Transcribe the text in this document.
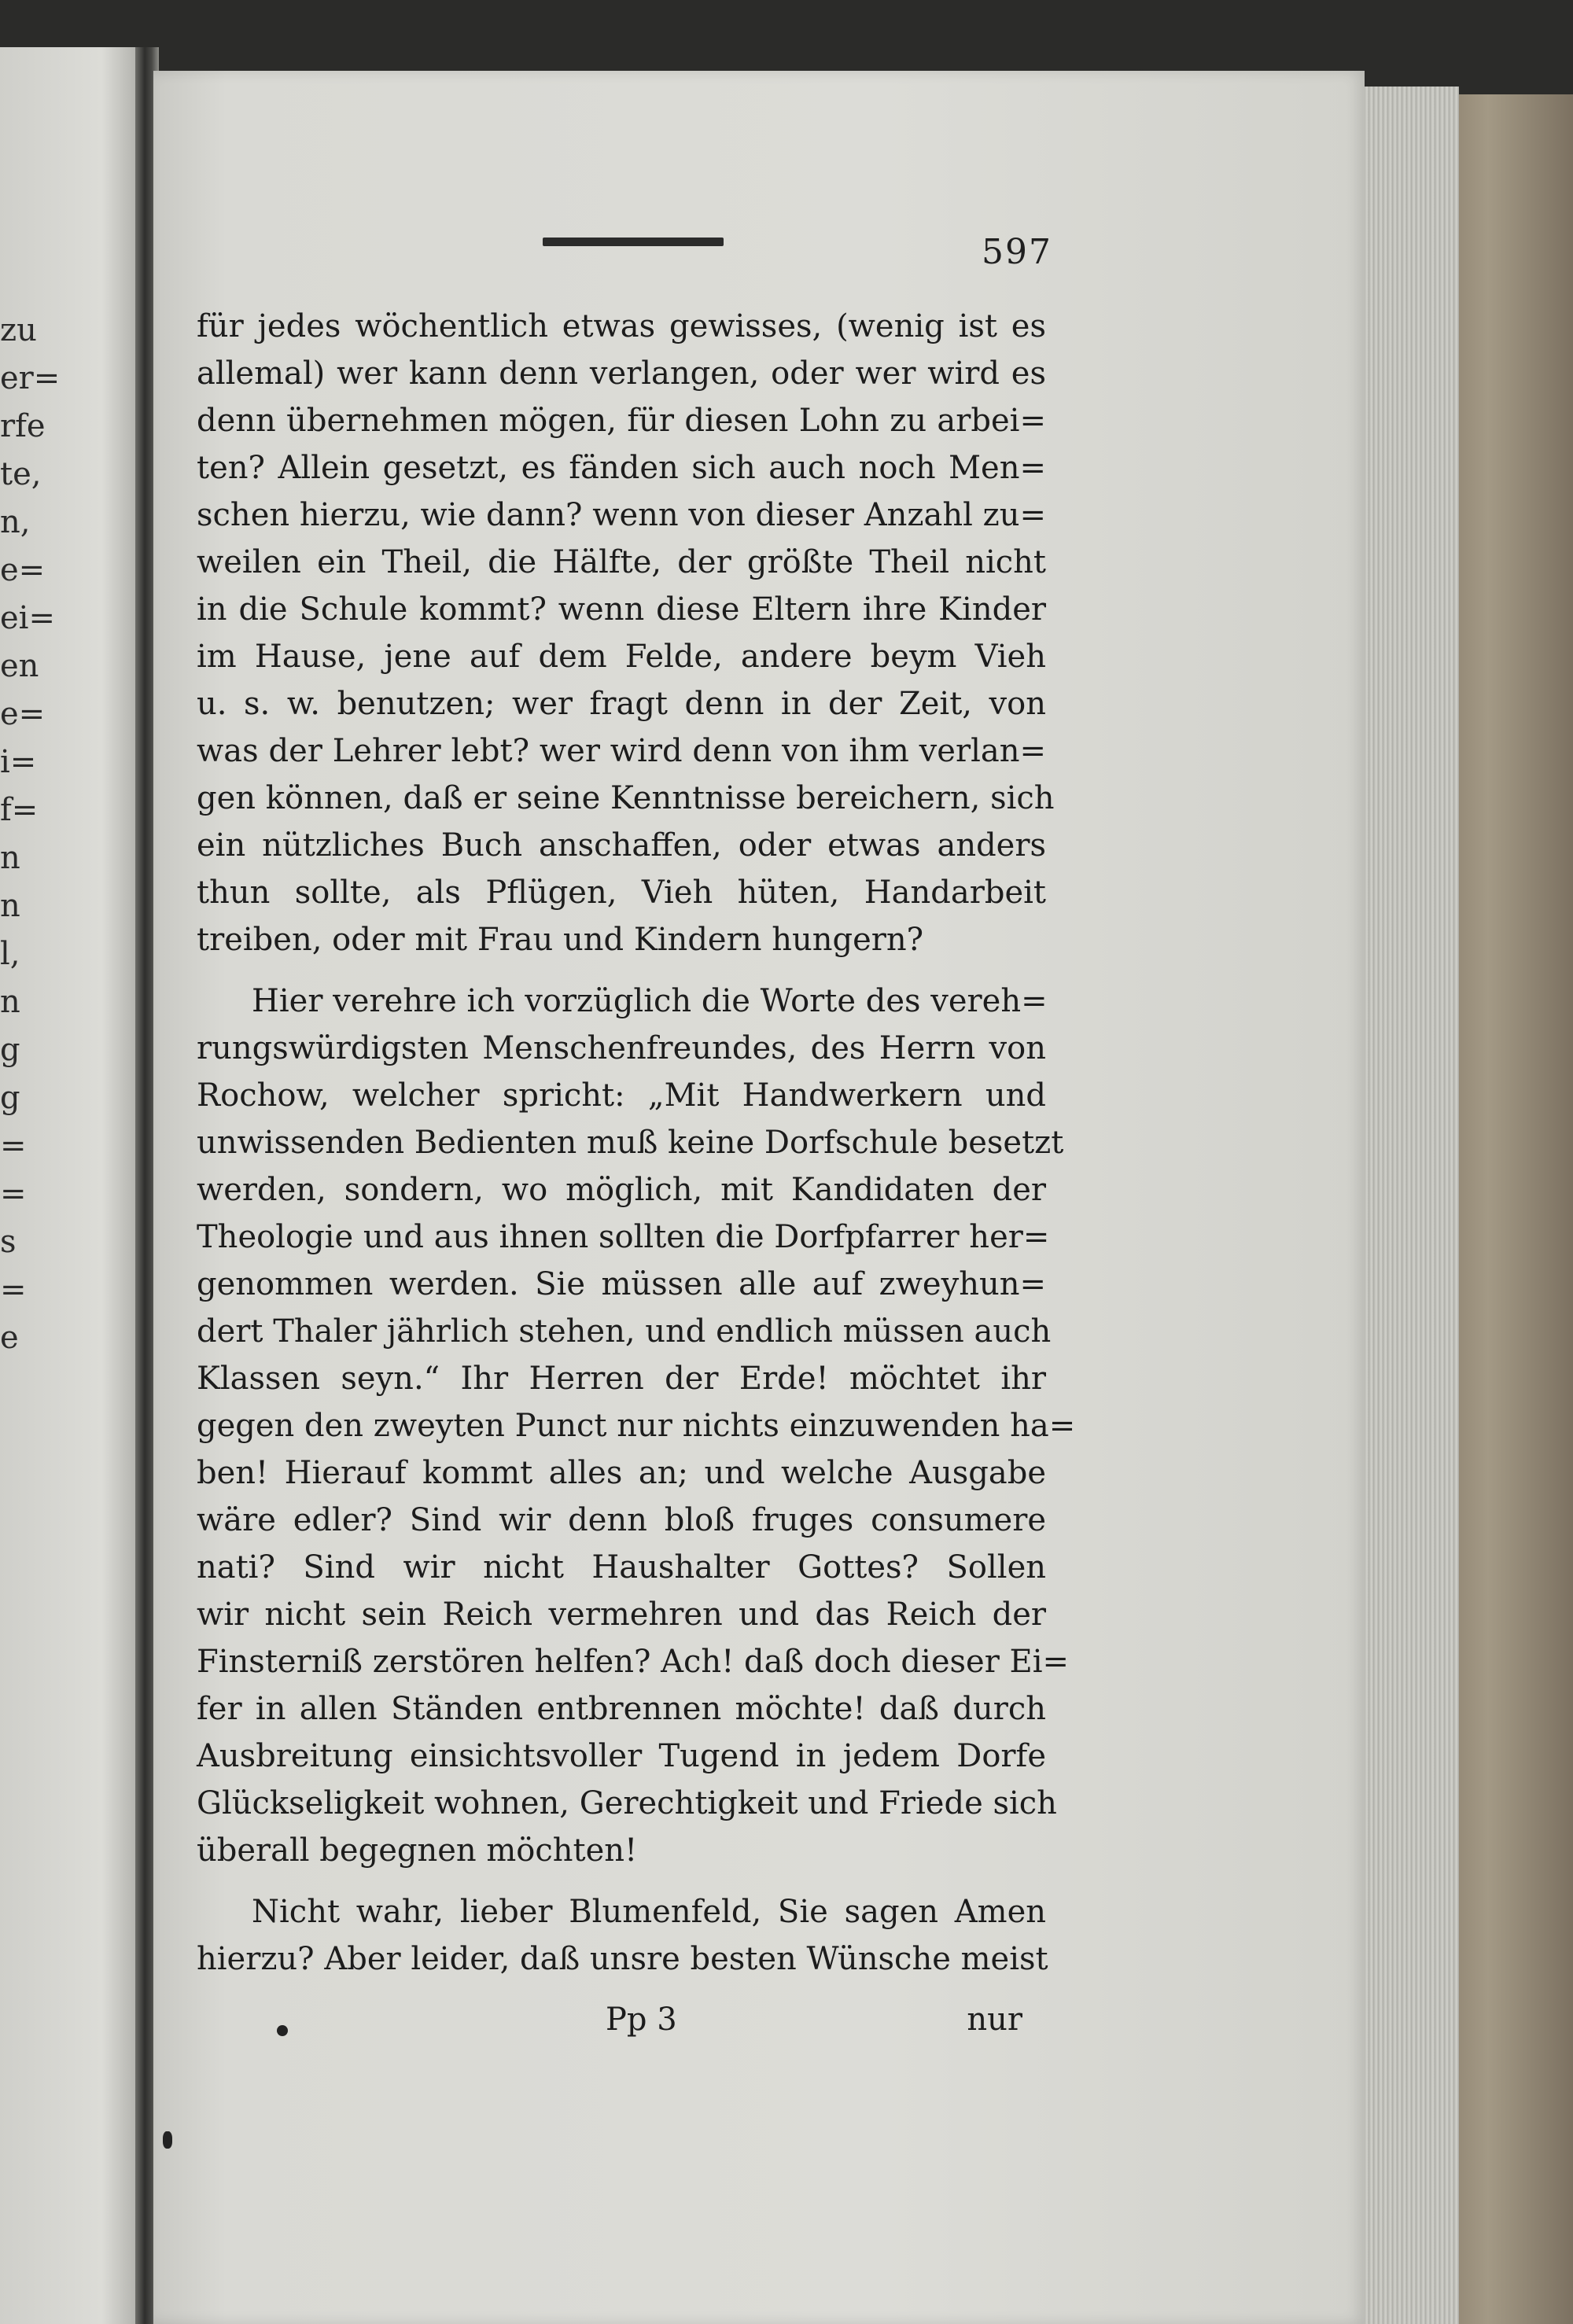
zu
er=
rfe
te,
n,
e=
ei=
en
e=
i=
f=
n
n
l,
n
g
g
=
=
s
=
e
597
für jedes wöchentlich etwas gewisses, (wenig ist es
allemal) wer kann denn verlangen, oder wer wird es
denn übernehmen mögen, für diesen Lohn zu arbei=
ten? Allein gesetzt, es fänden sich auch noch Men=
schen hierzu, wie dann? wenn von dieser Anzahl zu=
weilen ein Theil, die Hälfte, der größte Theil nicht
in die Schule kommt? wenn diese Eltern ihre Kinder
im Hause, jene auf dem Felde, andere beym Vieh
u. s. w. benutzen; wer fragt denn in der Zeit, von
was der Lehrer lebt? wer wird denn von ihm verlan=
gen können, daß er seine Kenntnisse bereichern, sich
ein nützliches Buch anschaffen, oder etwas anders
thun sollte, als Pflügen, Vieh hüten, Handarbeit
treiben, oder mit Frau und Kindern hungern?
Hier verehre ich vorzüglich die Worte des vereh=
rungswürdigsten Menschenfreundes, des Herrn von
Rochow, welcher spricht: „Mit Handwerkern und
unwissenden Bedienten muß keine Dorfschule besetzt
werden, sondern, wo möglich, mit Kandidaten der
Theologie und aus ihnen sollten die Dorfpfarrer her=
genommen werden. Sie müssen alle auf zweyhun=
dert Thaler jährlich stehen, und endlich müssen auch
Klassen seyn.“ Ihr Herren der Erde! möchtet ihr
gegen den zweyten Punct nur nichts einzuwenden ha=
ben! Hierauf kommt alles an; und welche Ausgabe
wäre edler? Sind wir denn bloß fruges consumere
nati? Sind wir nicht Haushalter Gottes? Sollen
wir nicht sein Reich vermehren und das Reich der
Finsterniß zerstören helfen? Ach! daß doch dieser Ei=
fer in allen Ständen entbrennen möchte! daß durch
Ausbreitung einsichtsvoller Tugend in jedem Dorfe
Glückseligkeit wohnen, Gerechtigkeit und Friede sich
überall begegnen möchten!
Nicht wahr, lieber Blumenfeld, Sie sagen Amen
hierzu? Aber leider, daß unsre besten Wünsche meist
Pp 3	nur
